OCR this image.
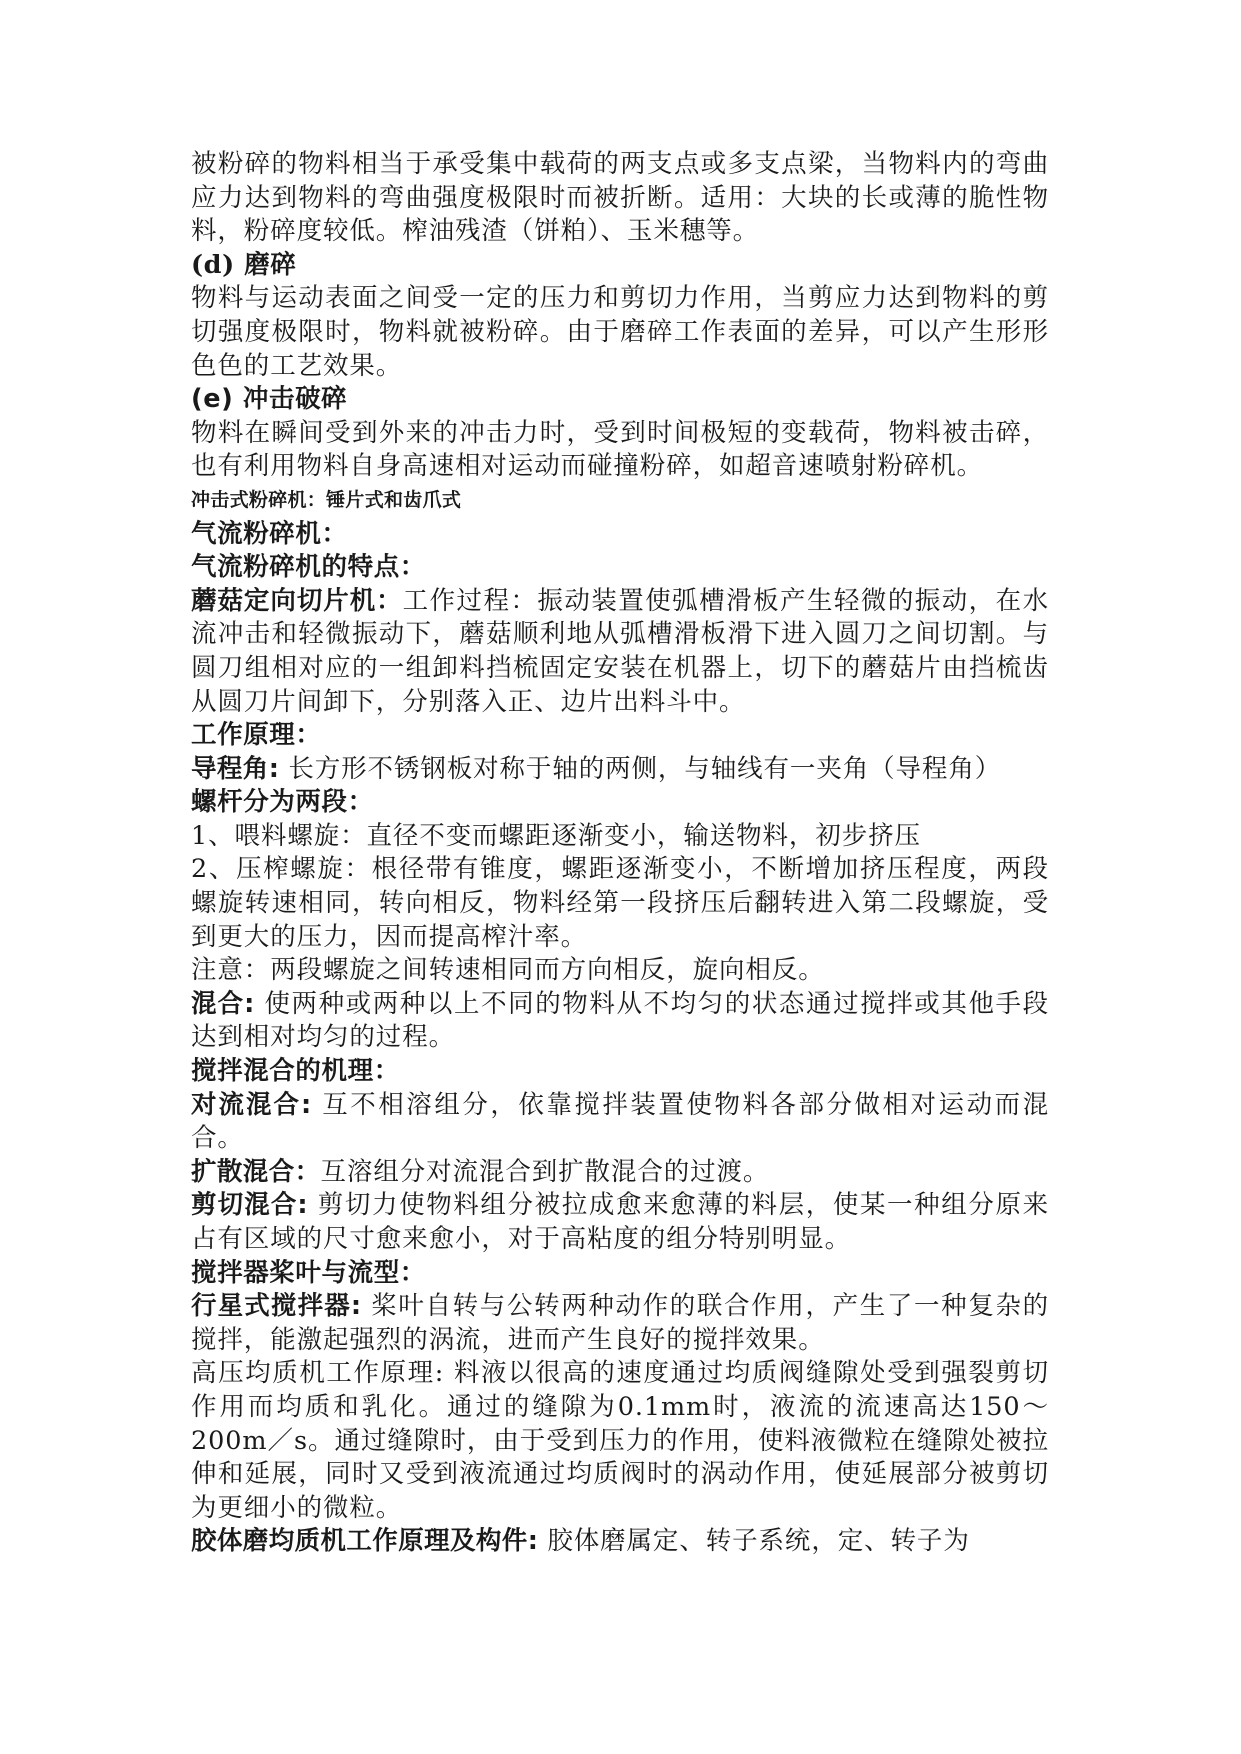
被粉碎的物料相当于承受集中载荷的两支点或多支点梁，当物料内的弯曲应力达到物料的弯曲强度极限时而被折断。适用：大块的长或薄的脆性物料，粉碎度较低。榨油残渣（饼粕）、玉米穗等。

(d) 磨碎

物料与运动表面之间受一定的压力和剪切力作用，当剪应力达到物料的剪切强度极限时，物料就被粉碎。由于磨碎工作表面的差异，可以产生形形色色的工艺效果。

(e) 冲击破碎

物料在瞬间受到外来的冲击力时，受到时间极短的变载荷，物料被击碎，也有利用物料自身高速相对运动而碰撞粉碎，如超音速喷射粉碎机。

冲击式粉碎机：锤片式和齿爪式

气流粉碎机：

气流粉碎机的特点：

蘑菇定向切片机：工作过程：振动装置使弧槽滑板产生轻微的振动，在水流冲击和轻微振动下，蘑菇顺利地从弧槽滑板滑下进入圆刀之间切割。与圆刀组相对应的一组卸料挡梳固定安装在机器上，切下的蘑菇片由挡梳齿从圆刀片间卸下，分别落入正、边片出料斗中。

工作原理：

导程角: 长方形不锈钢板对称于轴的两侧，与轴线有一夹角（导程角）

螺杆分为两段：

1、喂料螺旋：直径不变而螺距逐渐变小，输送物料，初步挤压

2、压榨螺旋：根径带有锥度，螺距逐渐变小，不断增加挤压程度，两段螺旋转速相同，转向相反，物料经第一段挤压后翻转进入第二段螺旋，受到更大的压力，因而提高榨汁率。

注意：两段螺旋之间转速相同而方向相反，旋向相反。

混合: 使两种或两种以上不同的物料从不均匀的状态通过搅拌或其他手段达到相对均匀的过程。

搅拌混合的机理：

对流混合: 互不相溶组分，依靠搅拌装置使物料各部分做相对运动而混合。

扩散混合：互溶组分对流混合到扩散混合的过渡。

剪切混合: 剪切力使物料组分被拉成愈来愈薄的料层，使某一种组分原来占有区域的尺寸愈来愈小，对于高粘度的组分特别明显。

搅拌器桨叶与流型：

行星式搅拌器: 桨叶自转与公转两种动作的联合作用，产生了一种复杂的搅拌，能激起强烈的涡流，进而产生良好的搅拌效果。

高压均质机工作原理: 料液以很高的速度通过均质阀缝隙处受到强裂剪切作用而均质和乳化。通过的缝隙为0.1mm时，液流的流速高达150～200m／s。通过缝隙时，由于受到压力的作用，使料液微粒在缝隙处被拉伸和延展，同时又受到液流通过均质阀时的涡动作用，使延展部分被剪切为更细小的微粒。

胶体磨均质机工作原理及构件: 胶体磨属定、转子系统，定、转子为
